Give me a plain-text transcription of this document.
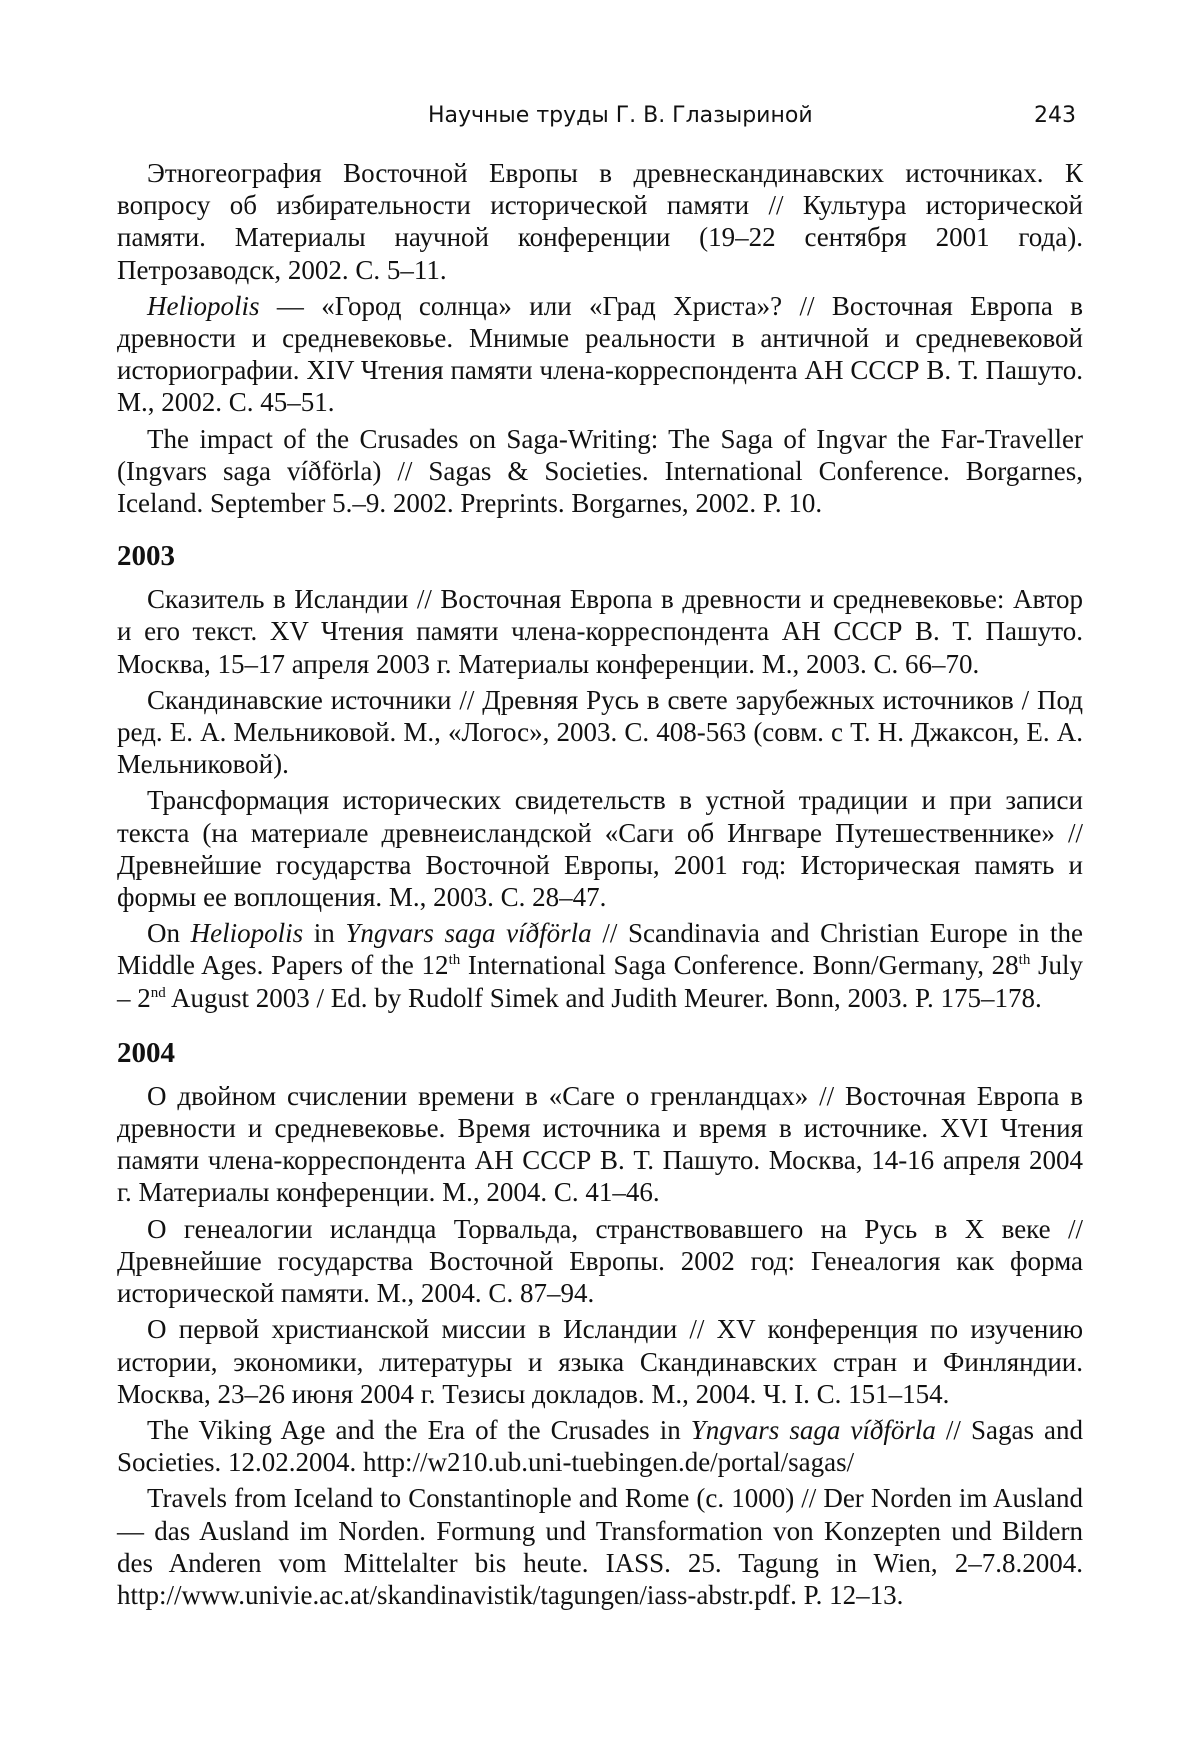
Научные труды Г. В. Глазыриной	243

Этногеография Восточной Европы в древнескандинавских источниках. К вопросу об избирательности исторической памяти // Культура исторической памяти. Материалы научной конференции (19–22 сентября 2001 года). Петрозаводск, 2002. С. 5–11.

Heliopolis — «Город солнца» или «Град Христа»? // Восточная Европа в древности и средневековье. Мнимые реальности в античной и средневековой историографии. XIV Чтения памяти члена-корреспондента АН СССР В. Т. Пашуто. М., 2002. С. 45–51.

The impact of the Crusades on Saga-Writing: The Saga of Ingvar the Far-Traveller (Ingvars saga víðförla) // Sagas & Societies. International Conference. Borgarnes, Iceland. September 5.–9. 2002. Preprints. Borgarnes, 2002. P. 10.

2003

Сказитель в Исландии // Восточная Европа в древности и средневековье: Автор и его текст. XV Чтения памяти члена-корреспондента АН СССР В. Т. Пашуто. Москва, 15–17 апреля 2003 г. Материалы конференции. М., 2003. С. 66–70.

Скандинавские источники // Древняя Русь в свете зарубежных источников / Под ред. Е. А. Мельниковой. М., «Логос», 2003. С. 408-563 (совм. с Т. Н. Джаксон, Е. А. Мельниковой).

Трансформация исторических свидетельств в устной традиции и при записи текста (на материале древнеисландской «Саги об Ингваре Путешественнике» // Древнейшие государства Восточной Европы, 2001 год: Историческая память и формы ее воплощения. М., 2003. С. 28–47.

On Heliopolis in Yngvars saga víðförla // Scandinavia and Christian Europe in the Middle Ages. Papers of the 12th International Saga Conference. Bonn/Germany, 28th July – 2nd August 2003 / Ed. by Rudolf Simek and Judith Meurer. Bonn, 2003. P. 175–178.

2004

О двойном счислении времени в «Саге о гренландцах» // Восточная Европа в древности и средневековье. Время источника и время в источнике. XVI Чтения памяти члена-корреспондента АН СССР В. Т. Пашуто. Москва, 14-16 апреля 2004 г. Материалы конференции. М., 2004. С. 41–46.

О генеалогии исландца Торвальда, странствовавшего на Русь в X веке // Древнейшие государства Восточной Европы. 2002 год: Генеалогия как форма исторической памяти. М., 2004. С. 87–94.

О первой христианской миссии в Исландии // XV конференция по изучению истории, экономики, литературы и языка Скандинавских стран и Финляндии. Москва, 23–26 июня 2004 г. Тезисы докладов. М., 2004. Ч. I. С. 151–154.

The Viking Age and the Era of the Crusades in Yngvars saga víðförla // Sagas and Societies. 12.02.2004. http://w210.ub.uni-tuebingen.de/portal/sagas/

Travels from Iceland to Constantinople and Rome (c. 1000) // Der Norden im Ausland — das Ausland im Norden. Formung und Transformation von Konzepten und Bildern des Anderen vom Mittelalter bis heute. IASS. 25. Tagung in Wien, 2–7.8.2004. http://www.univie.ac.at/skandinavistik/tagungen/iass-abstr.pdf. P. 12–13.
